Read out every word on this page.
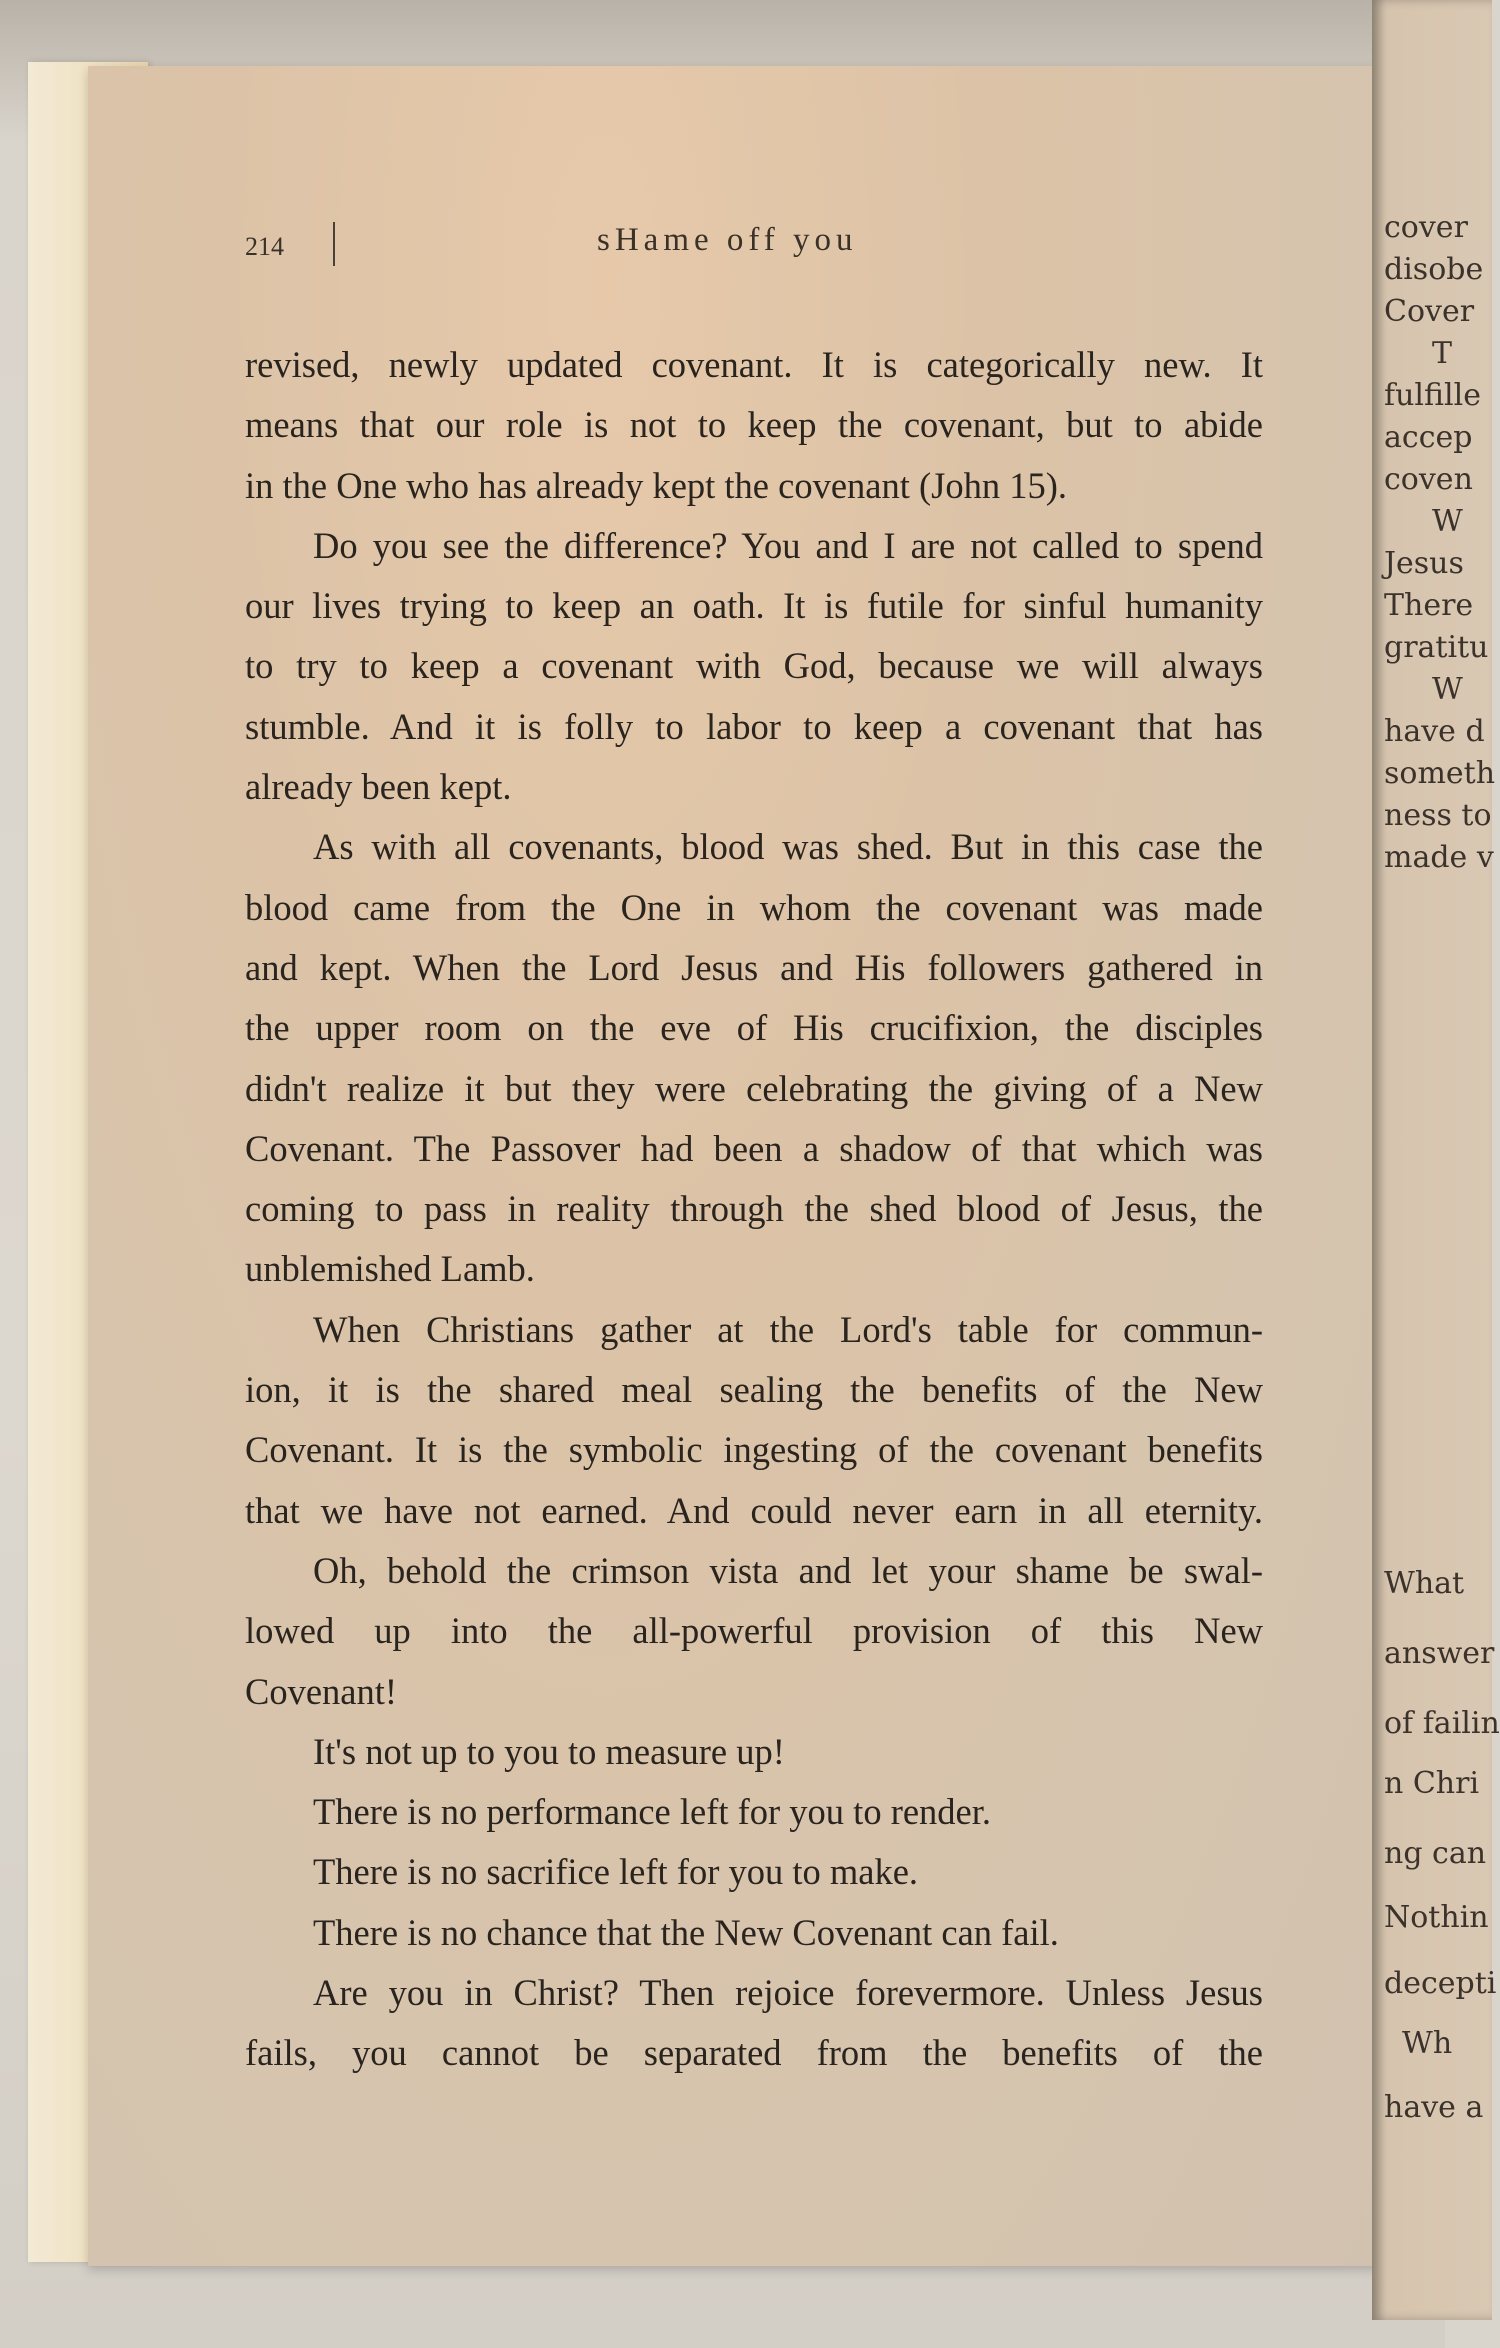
cover
disobe
Cover
T
fulfille
accep
coven
W
Jesus
There
gratitu
W
have d
someth
ness to
made v
What
answer
of failin
n Chri
ng can
Nothin
decepti
Wh
have a
214	sHame off you
revised, newly updated covenant. It is categorically new. It
means that our role is not to keep the covenant, but to abide
in the One who has already kept the covenant (John 15).
Do you see the difference? You and I are not called to spend
our lives trying to keep an oath. It is futile for sinful humanity
to try to keep a covenant with God, because we will always
stumble. And it is folly to labor to keep a covenant that has
already been kept.
As with all covenants, blood was shed. But in this case the
blood came from the One in whom the covenant was made
and kept. When the Lord Jesus and His followers gathered in
the upper room on the eve of His crucifixion, the disciples
didn't realize it but they were celebrating the giving of a New
Covenant. The Passover had been a shadow of that which was
coming to pass in reality through the shed blood of Jesus, the
unblemished Lamb.
When Christians gather at the Lord's table for commun-
ion, it is the shared meal sealing the benefits of the New
Covenant. It is the symbolic ingesting of the covenant benefits
that we have not earned. And could never earn in all eternity.
Oh, behold the crimson vista and let your shame be swal-
lowed up into the all-powerful provision of this New
Covenant!
It's not up to you to measure up!
There is no performance left for you to render.
There is no sacrifice left for you to make.
There is no chance that the New Covenant can fail.
Are you in Christ? Then rejoice forevermore. Unless Jesus
fails, you cannot be separated from the benefits of the
